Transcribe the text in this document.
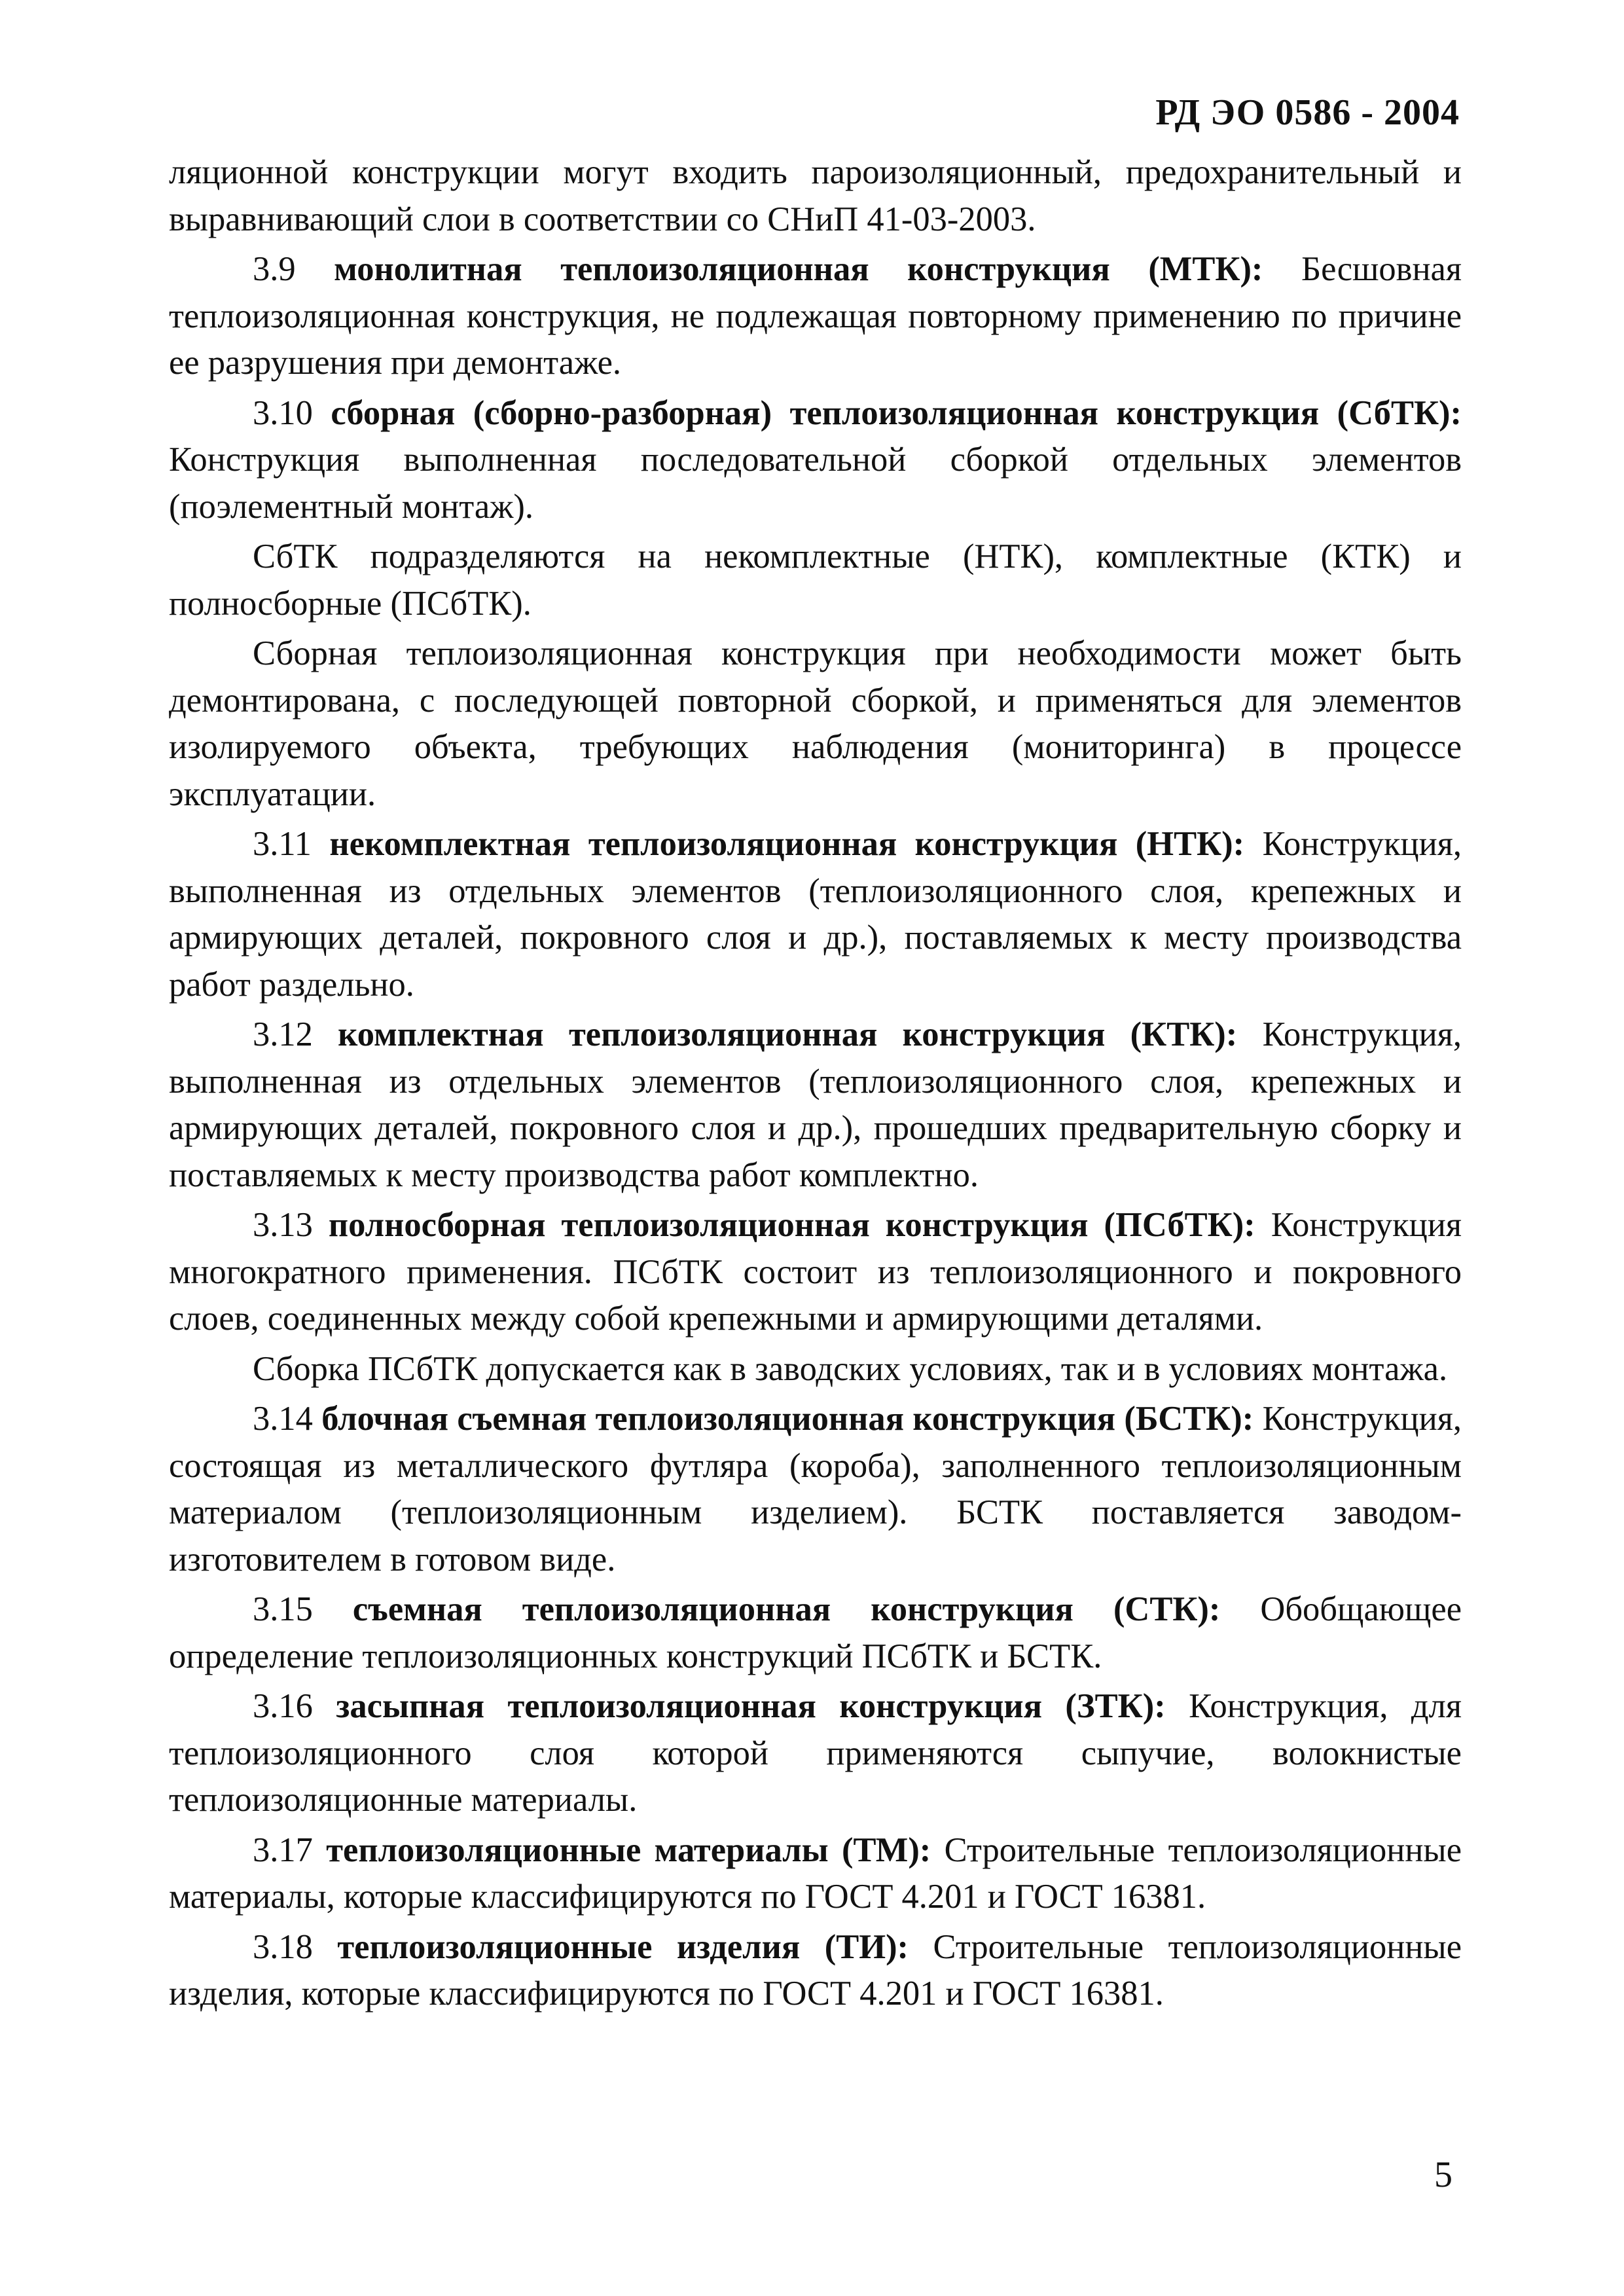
РД ЭО 0586 - 2004

ляционной конструкции могут входить пароизоляционный, предохранительный и выравнивающий слои в соответствии со СНиП 41-03-2003.

3.9 монолитная теплоизоляционная конструкция (МТК): Бесшовная теплоизоляционная конструкция, не подлежащая повторному применению по причине ее разрушения при демонтаже.

3.10 сборная (сборно-разборная) теплоизоляционная конструкция (СбТК): Конструкция выполненная последовательной сборкой отдельных элементов (поэлементный монтаж).

СбТК подразделяются на некомплектные (НТК), комплектные (КТК) и полносборные (ПСбТК).

Сборная теплоизоляционная конструкция при необходимости может быть демонтирована, с последующей повторной сборкой, и применяться для элементов изолируемого объекта, требующих наблюдения (мониторинга) в процессе эксплуатации.

3.11 некомплектная теплоизоляционная конструкция (НТК): Конструкция, выполненная из отдельных элементов (теплоизоляционного слоя, крепежных и армирующих деталей, покровного слоя и др.), поставляемых к месту производства работ раздельно.

3.12 комплектная теплоизоляционная конструкция (КТК): Конструкция, выполненная из отдельных элементов (теплоизоляционного слоя, крепежных и армирующих деталей, покровного слоя и др.), прошедших предварительную сборку и поставляемых к месту производства работ комплектно.

3.13 полносборная теплоизоляционная конструкция (ПСбТК): Конструкция многократного применения. ПСбТК состоит из теплоизоляционного и покровного слоев, соединенных между собой крепежными и армирующими деталями.

Сборка ПСбТК допускается как в заводских условиях, так и в условиях монтажа.

3.14 блочная съемная теплоизоляционная конструкция (БСТК): Конструкция, состоящая из металлического футляра (короба), заполненного теплоизоляционным материалом (теплоизоляционным изделием). БСТК поставляется заводом-изготовителем в готовом виде.

3.15 съемная теплоизоляционная конструкция (СТК): Обобщающее определение теплоизоляционных конструкций ПСбТК и БСТК.

3.16 засыпная теплоизоляционная конструкция (ЗТК): Конструкция, для теплоизоляционного слоя которой применяются сыпучие, волокнистые теплоизоляционные материалы.

3.17 теплоизоляционные материалы (ТМ): Строительные теплоизоляционные материалы, которые классифицируются по ГОСТ 4.201 и ГОСТ 16381.

3.18 теплоизоляционные изделия (ТИ): Строительные теплоизоляционные изделия, которые классифицируются по ГОСТ 4.201 и ГОСТ 16381.

5
